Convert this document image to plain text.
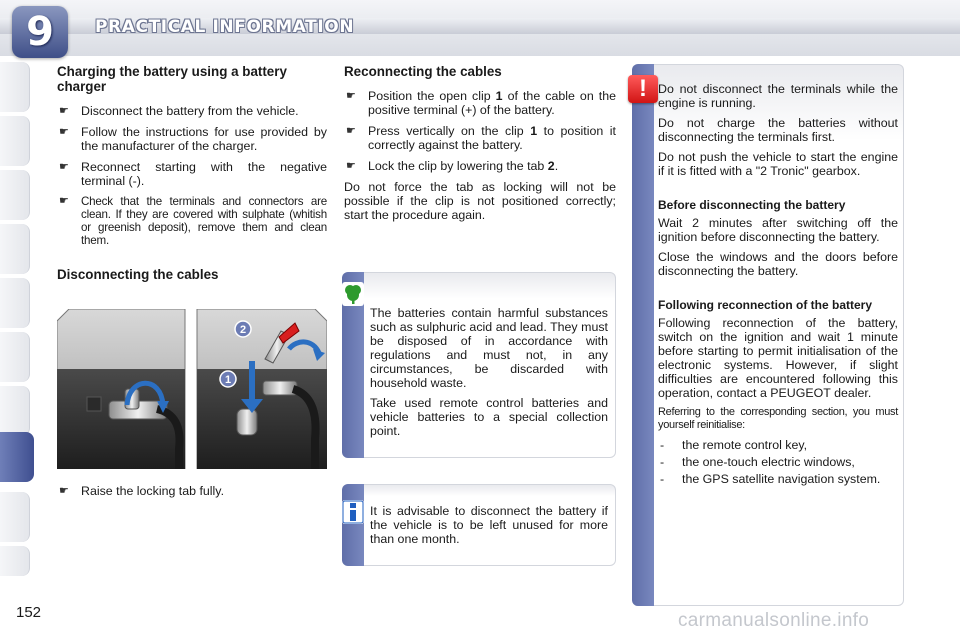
9	PRACTICAL INFORMATION
Charging the battery using a battery charger
☛ Disconnect the battery from the vehicle.
☛ Follow the instructions for use provided by the manufacturer of the charger.
☛ Reconnect starting with the negative terminal (-).
☛ Check that the terminals and connectors are clean. If they are covered with sulphate (whitish or greenish deposit), remove them and clean them.
Disconnecting the cables
2
1
☛ Raise the locking tab fully.
Reconnecting the cables
☛ Position the open clip 1 of the cable on the positive terminal (+) of the battery.
☛ Press vertically on the clip 1 to position it correctly against the battery.
☛ Lock the clip by lowering the tab 2.

Do not force the tab as locking will not be possible if the clip is not positioned correctly; start the procedure again.

The batteries contain harmful substances such as sulphuric acid and lead. They must be disposed of in accordance with regulations and must not, in any circumstances, be discarded with household waste.

Take used remote control batteries and vehicle batteries to a special collection point.

It is advisable to disconnect the battery if the vehicle is to be left unused for more than one month.

Do not disconnect the terminals while the engine is running.

Do not charge the batteries without disconnecting the terminals first.

Do not push the vehicle to start the engine if it is fitted with a "2 Tronic" gearbox.

Before disconnecting the battery

Wait 2 minutes after switching off the ignition before disconnecting the battery.

Close the windows and the doors before disconnecting the battery.

Following reconnection of the battery

Following reconnection of the battery, switch on the ignition and wait 1 minute before starting to permit initialisation of the electronic systems. However, if slight difficulties are encountered following this operation, contact a PEUGEOT dealer.

Referring to the corresponding section, you must yourself reinitialise:

- the remote control key,
- the one-touch electric windows,
- the GPS satellite navigation system.
!
152	carmanualsonline.info
